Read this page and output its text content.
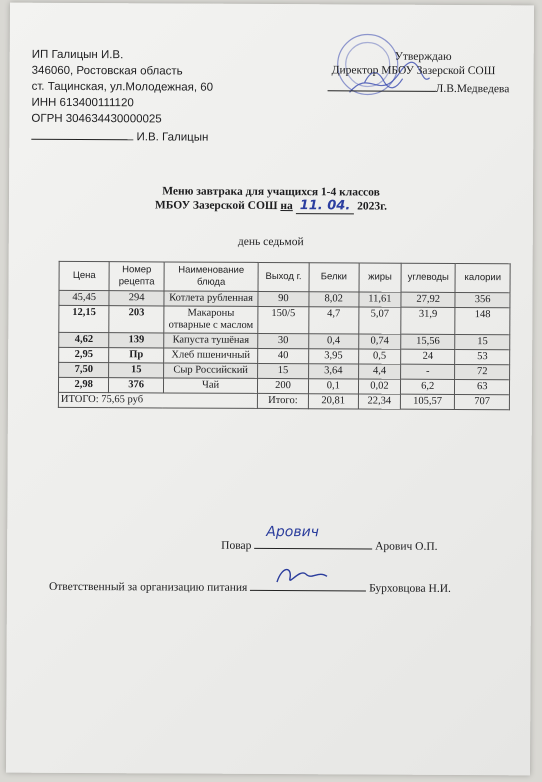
ИП Галицын И.В.
346060, Ростовская область
ст. Тацинская, ул.Молодежная, 60
ИНН 613400111120
ОГРН 304634430000025
И.В. Галицын
Утверждаю
Директор МБОУ Зазерской СОШ
Л.В.Медведева
Меню завтрака для учащихся 1-4 классов
МБОУ Зазерской СОШ на 11. 04. 2023г.
день седьмой
Цена	Номер рецепта	Наименование блюда	Выход г.	Белки	жиры	углеводы	калории
45,45	294	Котлета рубленная	90	8,02	11,61	27,92	356
12,15	203	Макароны отварные с маслом	150/5	4,7	5,07	31,9	148
4,62	139	Капуста тушёная	30	0,4	0,74	15,56	15
2,95	Пр	Хлеб пшеничный	40	3,95	0,5	24	53
7,50	15	Сыр Российский	15	3,64	4,4	-	72
2,98	376	Чай	200	0,1	0,02	6,2	63
ИТОГО: 75,65 руб			Итого:	20,81	22,34	105,57	707
Повар
Арович
Арович О.П.
Ответственный за организацию питания	Бурховцова Н.И.
